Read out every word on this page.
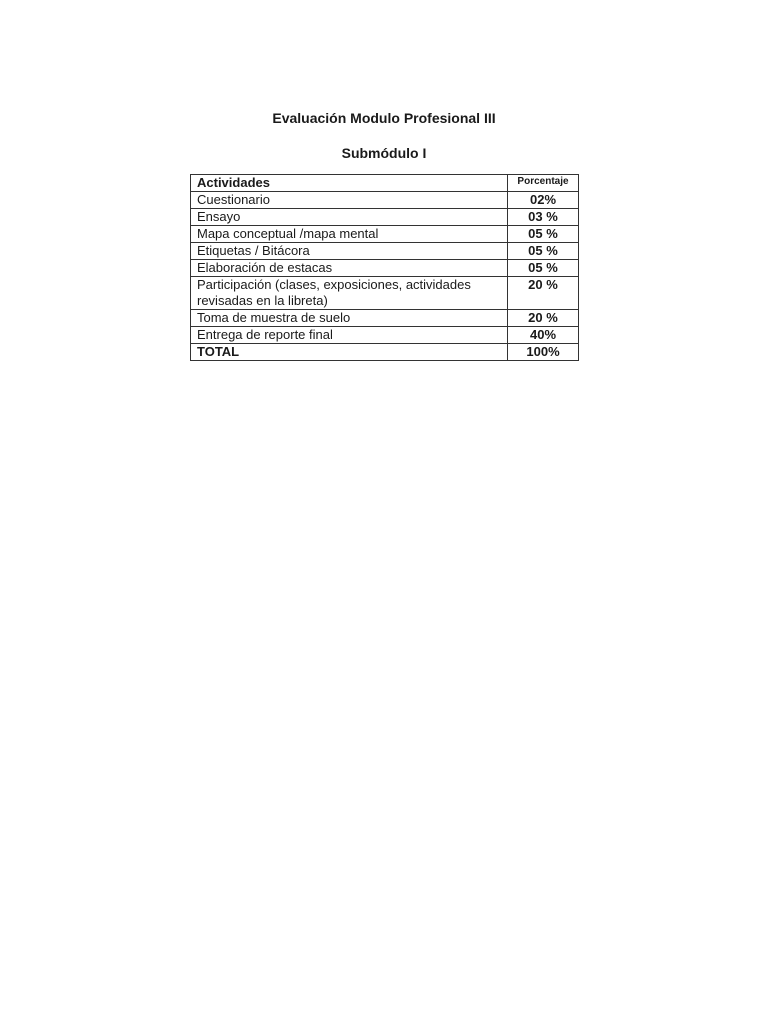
Evaluación Modulo Profesional III
Submódulo I
Actividades	Porcentaje
Cuestionario	02%
Ensayo	03 %
Mapa conceptual /mapa mental	05 %
Etiquetas / Bitácora	05 %
Elaboración de estacas	05 %
Participación (clases, exposiciones, actividades revisadas en la libreta)	20 %
Toma de muestra de suelo	20 %
Entrega de reporte final	40%
TOTAL	100%
